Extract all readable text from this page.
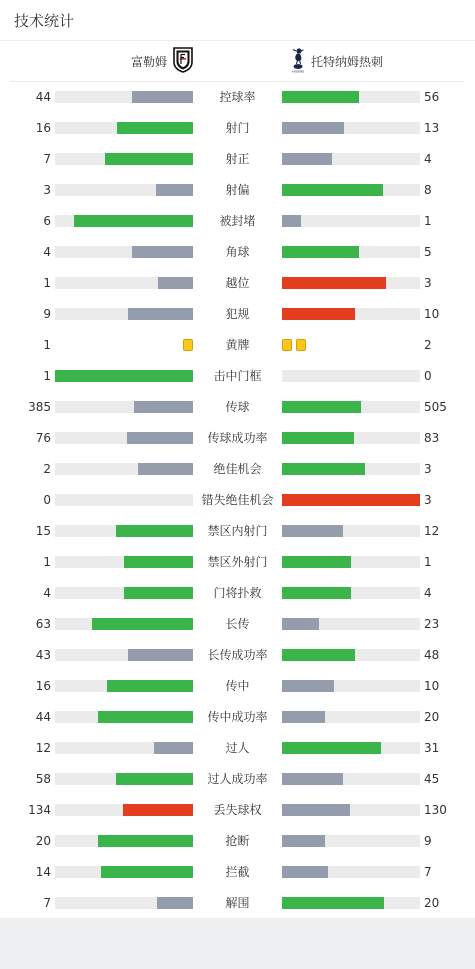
技术统计
富勒姆
AUDERE
托特纳姆热刺
44	控球率	56
16	射门	13
7	射正	4
3	射偏	8
6	被封堵	1
4	角球	5
1	越位	3
9	犯规	10
1	黄牌	2
1	击中门框	0
385	传球	505
76	传球成功率	83
2	绝佳机会	3
0	错失绝佳机会	3
15	禁区内射门	12
1	禁区外射门	1
4	门将扑救	4
63	长传	23
43	长传成功率	48
16	传中	10
44	传中成功率	20
12	过人	31
58	过人成功率	45
134	丢失球权	130
20	抢断	9
14	拦截	7
7	解围	20
